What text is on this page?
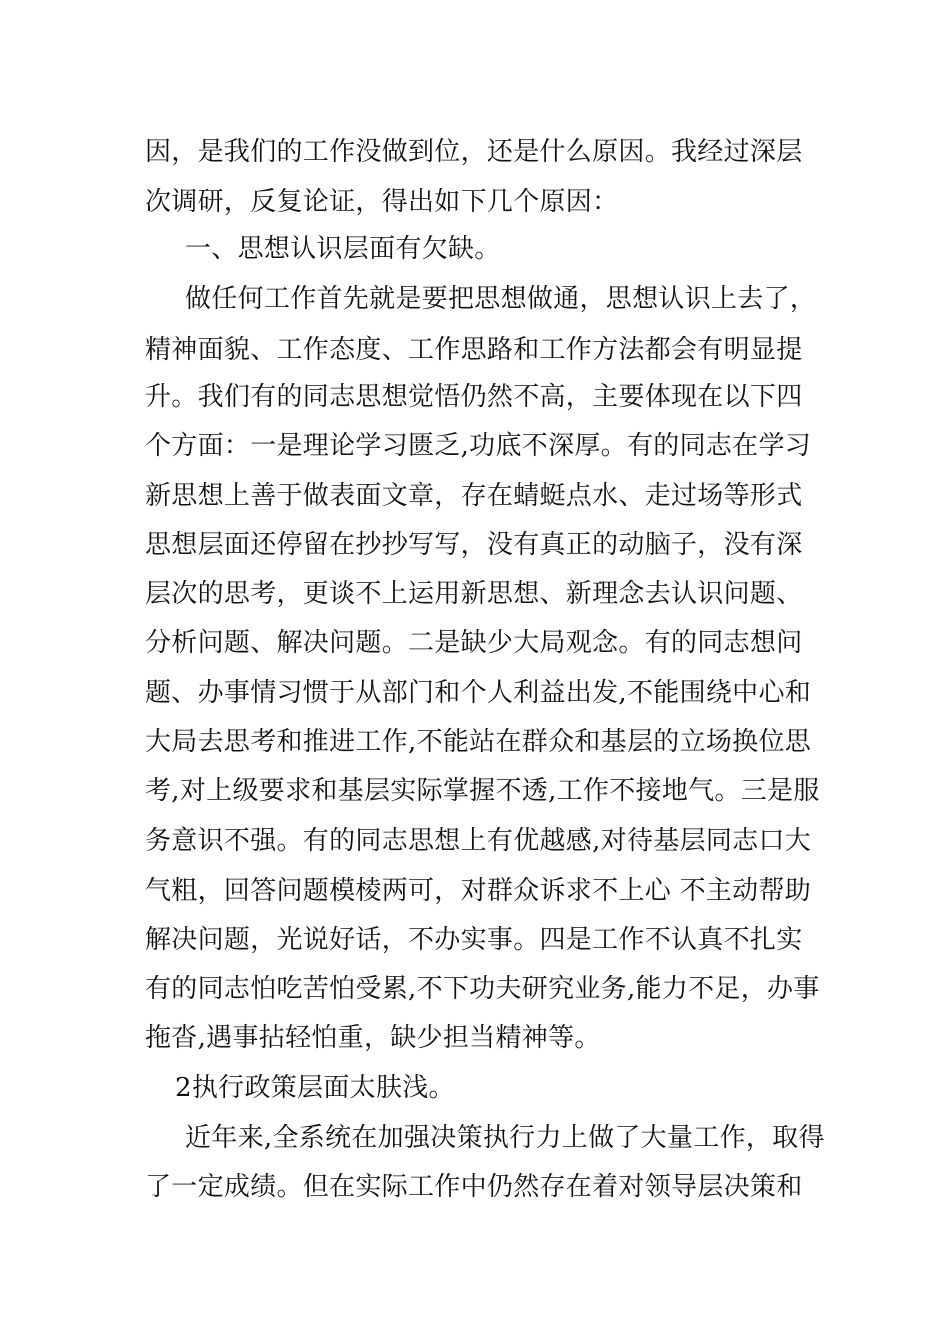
因，是我们的工作没做到位，还是什么原因。我经过深层
次调研，反复论证，得出如下几个原因：
一、思想认识层面有欠缺。
做任何工作首先就是要把思想做通，思想认识上去了，
精神面貌、工作态度、工作思路和工作方法都会有明显提
升。我们有的同志思想觉悟仍然不高，主要体现在以下四
个方面：一是理论学习匮乏,功底不深厚。有的同志在学习
新思想上善于做表面文章，存在蜻蜓点水、走过场等形式
思想层面还停留在抄抄写写，没有真正的动脑子，没有深
层次的思考，更谈不上运用新思想、新理念去认识问题、
分析问题、解决问题。二是缺少大局观念。有的同志想问
题、办事情习惯于从部门和个人利益出发,不能围绕中心和
大局去思考和推进工作,不能站在群众和基层的立场换位思
考,对上级要求和基层实际掌握不透,工作不接地气。三是服
务意识不强。有的同志思想上有优越感,对待基层同志口大
气粗，回答问题模棱两可，对群众诉求不上心 不主动帮助
解决问题，光说好话，不办实事。四是工作不认真不扎实
有的同志怕吃苦怕受累,不下功夫研究业务,能力不足，办事
拖沓,遇事拈轻怕重，缺少担当精神等。
2执行政策层面太肤浅。
近年来,全系统在加强决策执行力上做了大量工作，取得
了一定成绩。但在实际工作中仍然存在着对领导层决策和
